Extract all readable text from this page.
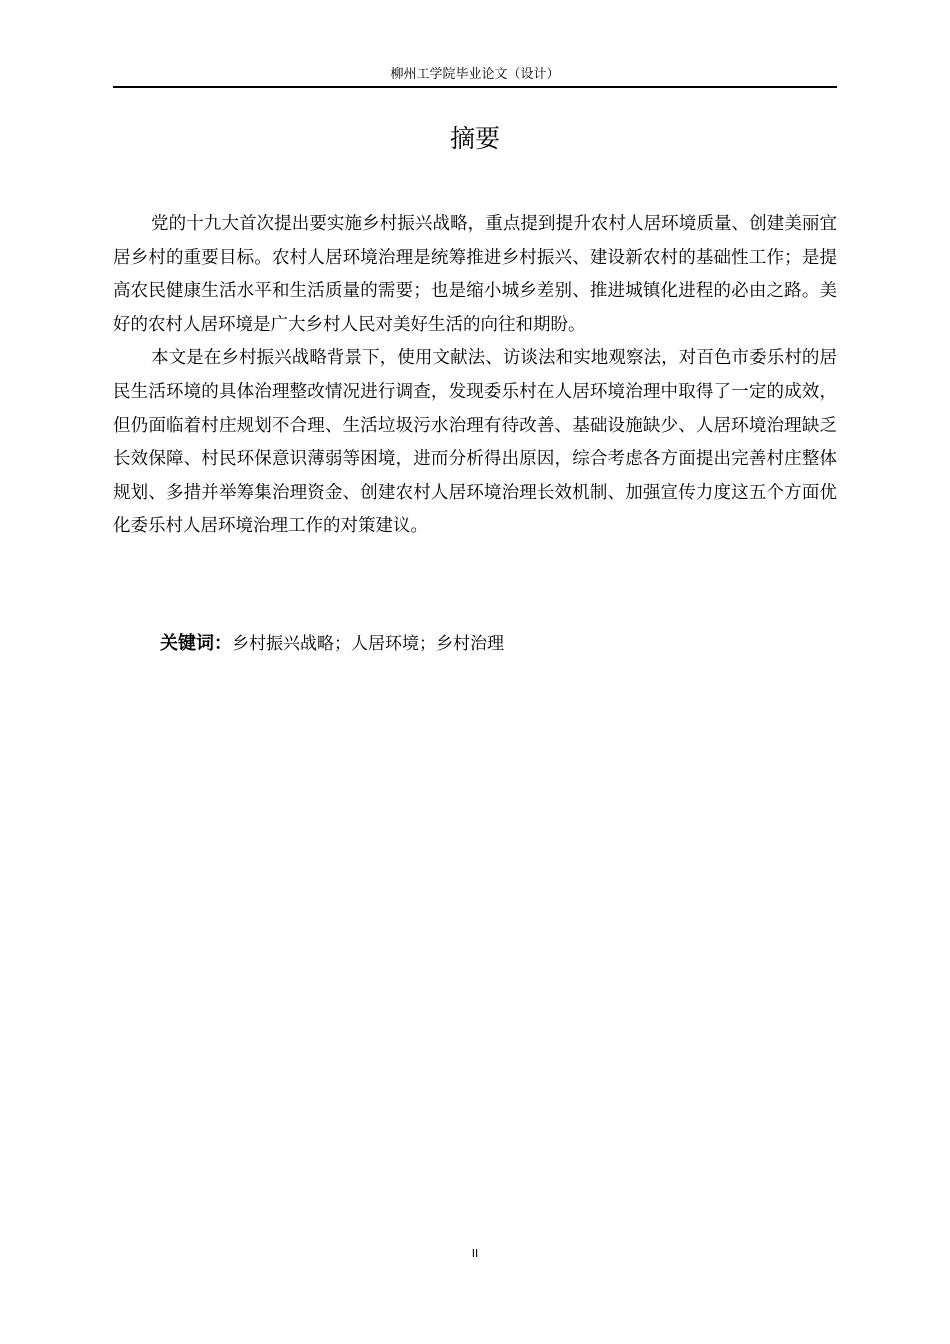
柳州工学院毕业论文（设计）
摘要

党的十九大首次提出要实施乡村振兴战略，重点提到提升农村人居环境质量、创建美丽宜居乡村的重要目标。农村人居环境治理是统筹推进乡村振兴、建设新农村的基础性工作；是提高农民健康生活水平和生活质量的需要；也是缩小城乡差别、推进城镇化进程的必由之路。美好的农村人居环境是广大乡村人民对美好生活的向往和期盼。

本文是在乡村振兴战略背景下，使用文献法、访谈法和实地观察法，对百色市委乐村的居民生活环境的具体治理整改情况进行调查，发现委乐村在人居环境治理中取得了一定的成效，但仍面临着村庄规划不合理、生活垃圾污水治理有待改善、基础设施缺少、人居环境治理缺乏长效保障、村民环保意识薄弱等困境，进而分析得出原因，综合考虑各方面提出完善村庄整体规划、多措并举筹集治理资金、创建农村人居环境治理长效机制、加强宣传力度这五个方面优化委乐村人居环境治理工作的对策建议。

关键词：乡村振兴战略；人居环境；乡村治理
II
